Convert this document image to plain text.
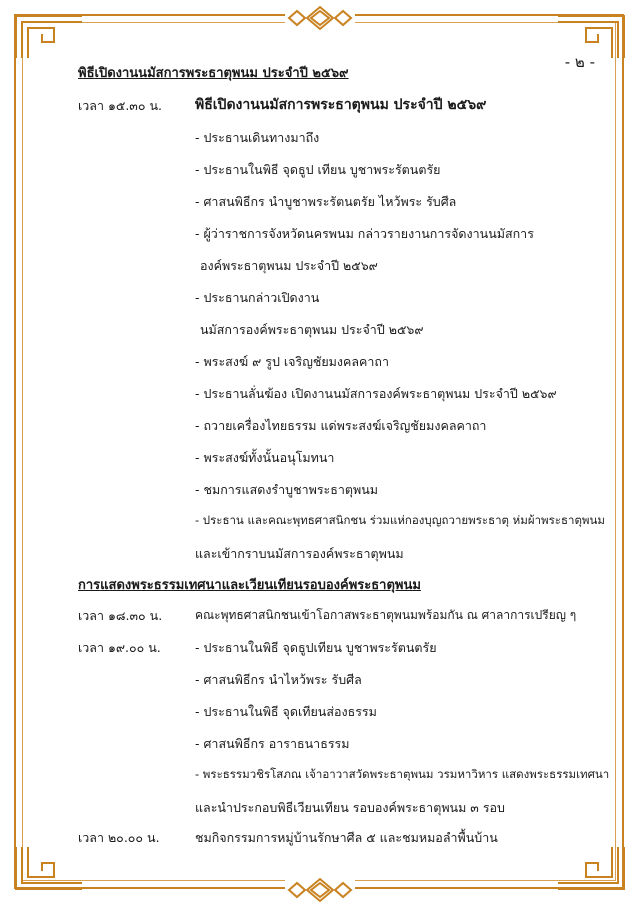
- ๒ -
พิธีเปิดงานนมัสการพระธาตุพนม ประจำปี ๒๕๖๙
เวลา ๑๕.๓๐ น. พิธีเปิดงานนมัสการพระธาตุพนม ประจำปี ๒๕๖๙
- ประธานเดินทางมาถึง
- ประธานในพิธี จุดธูป เทียน บูชาพระรัตนตรัย
- ศาสนพิธีกร นำบูชาพระรัตนตรัย ไหว้พระ รับศีล
- ผู้ว่าราชการจังหวัดนครพนม กล่าวรายงานการจัดงานนมัสการ
องค์พระธาตุพนม ประจำปี ๒๕๖๙
- ประธานกล่าวเปิดงาน
นมัสการองค์พระธาตุพนม ประจำปี ๒๕๖๙
- พระสงฆ์ ๙ รูป เจริญชัยมงคลคาถา
- ประธานลั่นฆ้อง เปิดงานนมัสการองค์พระธาตุพนม ประจำปี ๒๕๖๙
- ถวายเครื่องไทยธรรม แด่พระสงฆ์เจริญชัยมงคลคาถา
- พระสงฆ์ทั้งนั้นอนุโมทนา
- ชมการแสดงรำบูชาพระธาตุพนม
- ประธาน และคณะพุทธศาสนิกชน ร่วมแห่กองบุญถวายพระธาตุ ห่มผ้าพระธาตุพนม
และเข้ากราบนมัสการองค์พระธาตุพนม
การแสดงพระธรรมเทศนาและเวียนเทียนรอบองค์พระธาตุพนม
เวลา ๑๘.๓๐ น.	คณะพุทธศาสนิกชนเข้าโอกาสพระธาตุพนมพร้อมกัน ณ ศาลาการเปรียญ ๆ
เวลา ๑๙.๐๐ น.	- ประธานในพิธี จุดธูปเทียน บูชาพระรัตนตรัย
- ศาสนพิธีกร นำไหว้พระ รับศีล
- ประธานในพิธี จุดเทียนส่องธรรม
- ศาสนพิธีกร อาราธนาธรรม
- พระธรรมวชิรโสภณ เจ้าอาวาสวัดพระธาตุพนม วรมหาวิหาร แสดงพระธรรมเทศนา
และนำประกอบพิธีเวียนเทียน รอบองค์พระธาตุพนม ๓ รอบ
เวลา ๒๐.๐๐ น.	ชมกิจกรรมการหมู่บ้านรักษาศีล ๕ และชมหมอลำพื้นบ้าน
